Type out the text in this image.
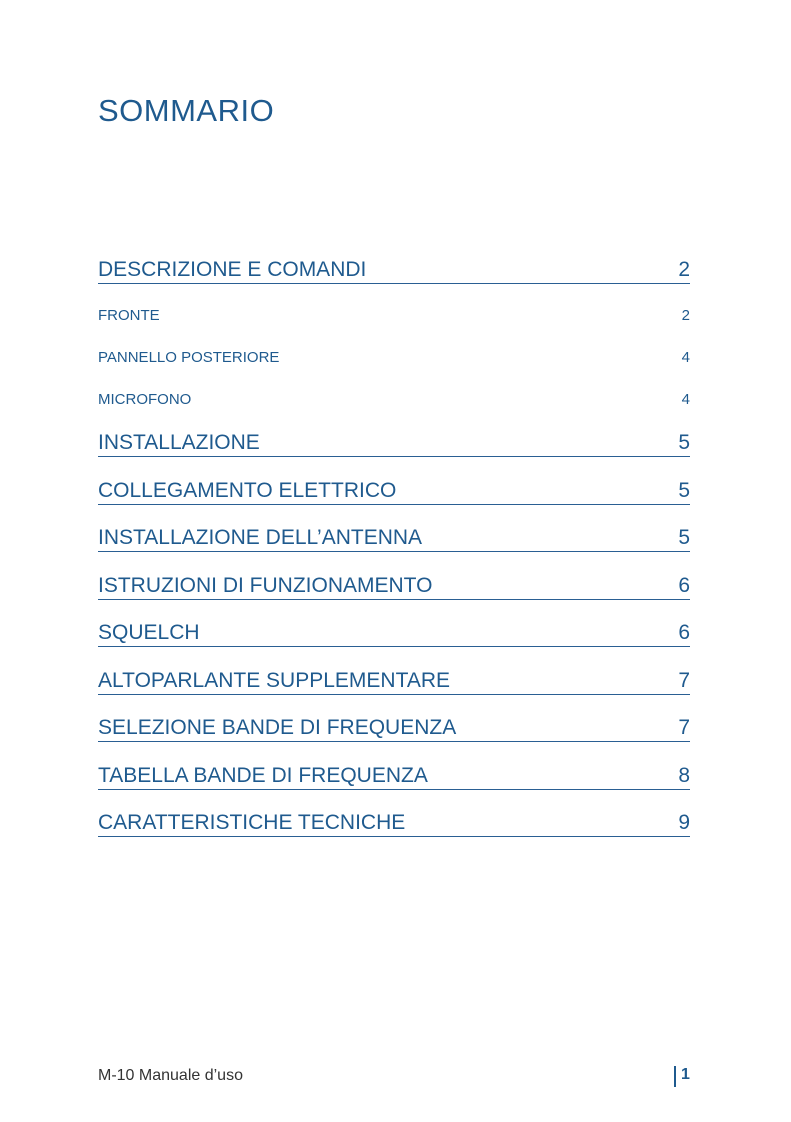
SOMMARIO
DESCRIZIONE E COMANDI	2
FRONTE	2
PANNELLO POSTERIORE	4
MICROFONO	4
INSTALLAZIONE	5
COLLEGAMENTO ELETTRICO	5
INSTALLAZIONE DELL’ANTENNA	5
ISTRUZIONI DI FUNZIONAMENTO	6
SQUELCH	6
ALTOPARLANTE SUPPLEMENTARE	7
SELEZIONE BANDE DI FREQUENZA	7
TABELLA BANDE DI FREQUENZA	8
CARATTERISTICHE TECNICHE	9
M-10 Manuale d’uso	1
